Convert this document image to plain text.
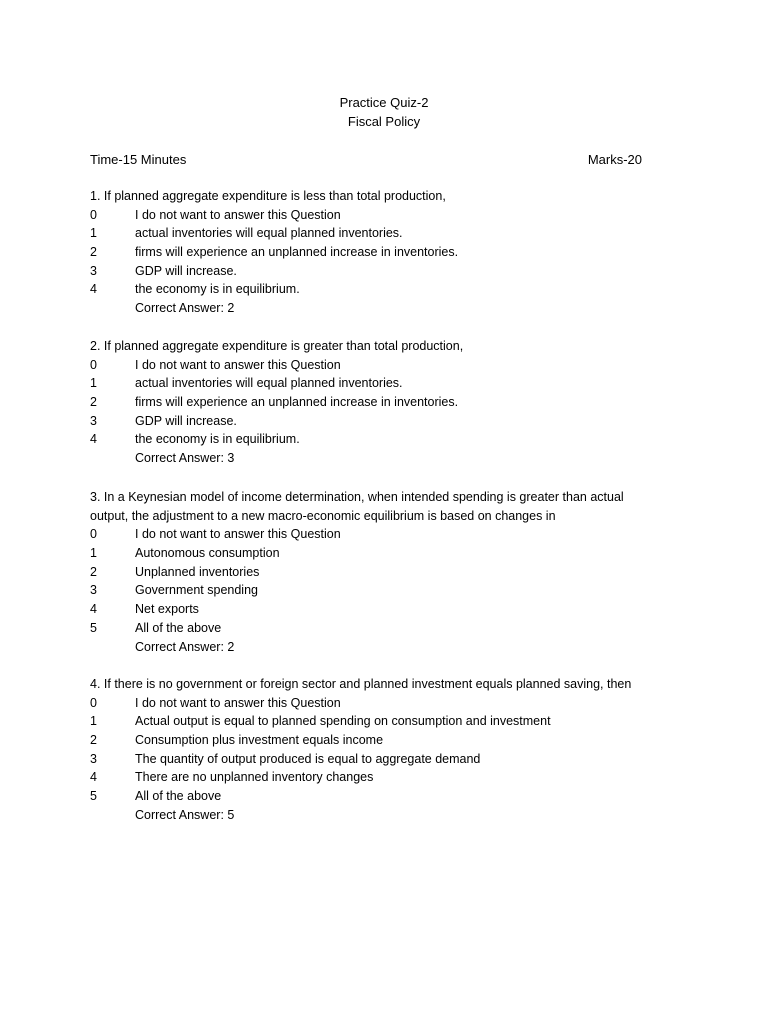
Practice Quiz-2
Fiscal Policy
Time-15 Minutes	Marks-20

1. If planned aggregate expenditure is less than total production,

0	I do not want to answer this Question
1	actual inventories will equal planned inventories.
2	firms will experience an unplanned increase in inventories.
3	GDP will increase.
4	the economy is in equilibrium.
Correct Answer: 2

2. If planned aggregate expenditure is greater than total production,

0	I do not want to answer this Question
1	actual inventories will equal planned inventories.
2	firms will experience an unplanned increase in inventories.
3	GDP will increase.
4	the economy is in equilibrium.
Correct Answer: 3

3. In a Keynesian model of income determination, when intended spending is greater than actual output, the adjustment to a new macro-economic equilibrium is based on changes in

0	I do not want to answer this Question
1	Autonomous consumption
2	Unplanned inventories
3	Government spending
4	Net exports
5	All of the above
Correct Answer: 2

4. If there is no government or foreign sector and planned investment equals planned saving, then

0	I do not want to answer this Question
1	Actual output is equal to planned spending on consumption and investment
2	Consumption plus investment equals income
3	The quantity of output produced is equal to aggregate demand
4	There are no unplanned inventory changes
5	All of the above
Correct Answer: 5
